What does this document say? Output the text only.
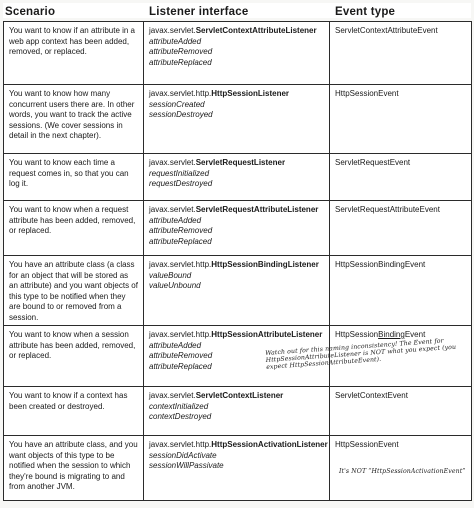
Scenario	Listener interface	Event type
You want to know if an attribute in a web app context has been added, removed, or replaced.	javax.servlet.ServletContextAttributeListener
attributeAdded
attributeRemoved
attributeReplaced	ServletContextAttributeEvent

You want to know how many concurrent users there are. In other words, you want to track the active sessions. (We cover sessions in detail in the next chapter).	javax.servlet.http.HttpSessionListener
sessionCreated
sessionDestroyed	HttpSessionEvent

You want to know each time a request comes in, so that you can log it.	javax.servlet.ServletRequestListener
requestInitialized
requestDestroyed	ServletRequestEvent

You want to know when a request attribute has been added, removed, or replaced.	javax.servlet.ServletRequestAttributeListener
attributeAdded
attributeRemoved
attributeReplaced	ServletRequestAttributeEvent

You have an attribute class (a class for an object that will be stored as an attribute) and you want objects of this type to be notified when they are bound to or removed from a session.	javax.servlet.http.HttpSessionBindingListener
valueBound
valueUnbound	HttpSessionBindingEvent

You want to know when a session attribute has been added, removed, or replaced.	javax.servlet.http.HttpSessionAttributeListener
attributeAdded
attributeRemoved
attributeReplaced
Watch out for this naming inconsistency! The Event for HttpSessionAttributeListener is NOT what you expect (you expect HttpSessionAttributeEvent).	HttpSessionBindingEvent

You want to know if a context has been created or destroyed.	javax.servlet.ServletContextListener
contextInitialized
contextDestroyed	ServletContextEvent

You have an attribute class, and you want objects of this type to be notified when the session to which they're bound is migrating to and from another JVM.	javax.servlet.http.HttpSessionActivationListener
sessionDidActivate
sessionWillPassivate	HttpSessionEvent
It's NOT “HttpSessionActivationEvent”
